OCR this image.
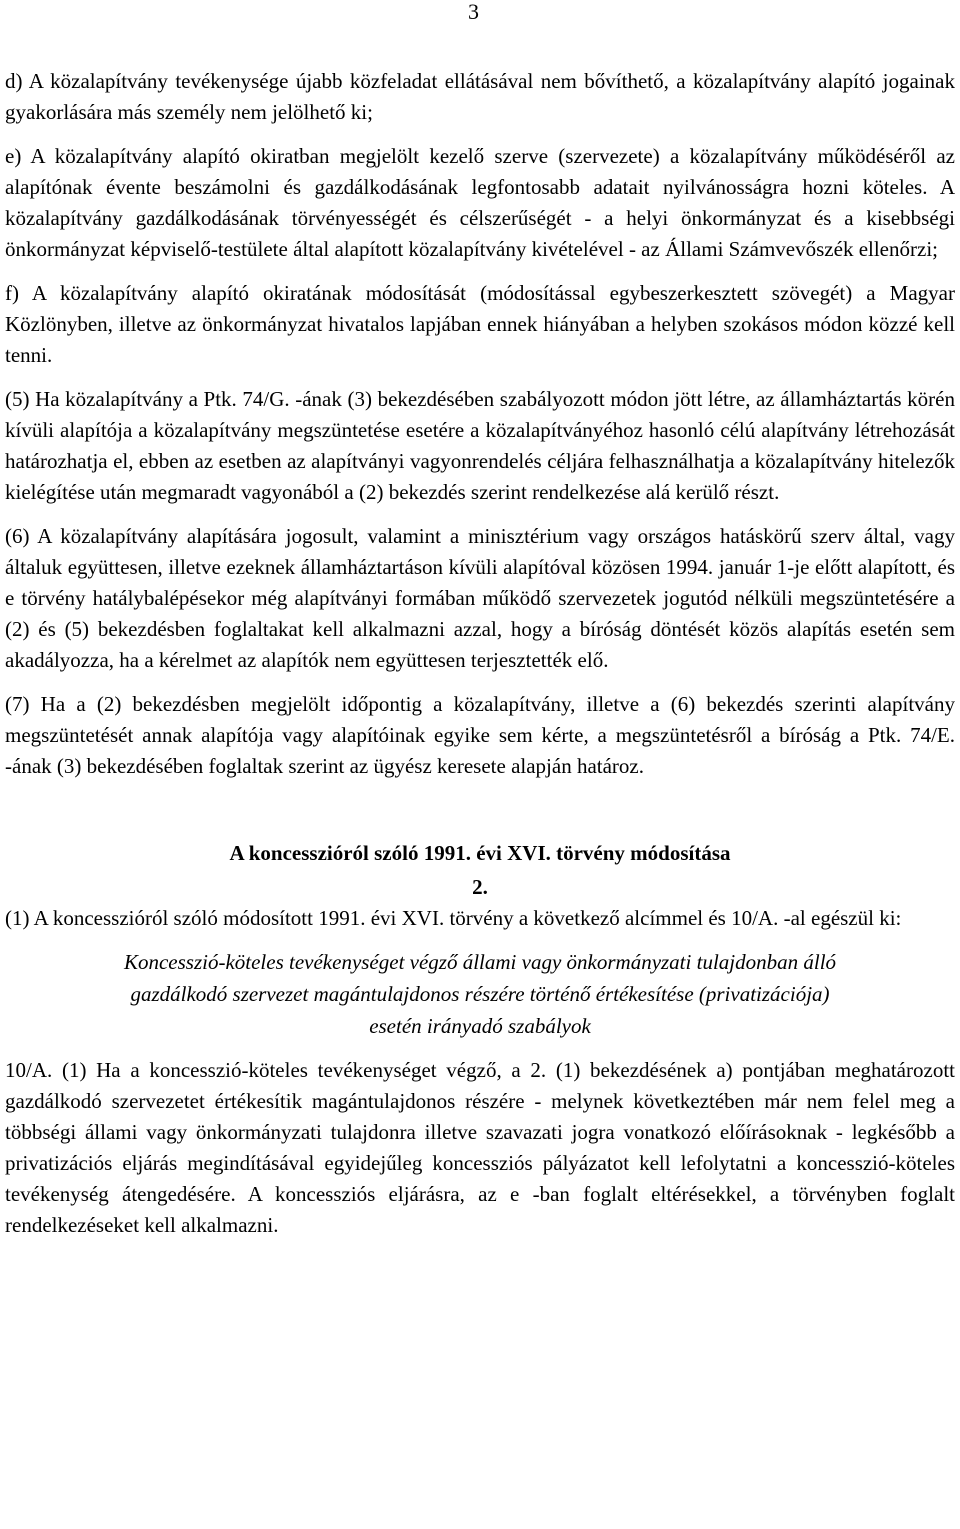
3

d) A közalapítvány tevékenysége újabb közfeladat ellátásával nem bővíthető, a közalapítvány alapító jogainak gyakorlására más személy nem jelölhető ki;

e) A közalapítvány alapító okiratban megjelölt kezelő szerve (szervezete) a közalapítvány működéséről az alapítónak évente beszámolni és gazdálkodásának legfontosabb adatait nyilvánosságra hozni köteles. A közalapítvány gazdálkodásának törvényességét és célszerűségét - a helyi önkormányzat és a kisebbségi önkormányzat képviselő-testülete által alapított közalapítvány kivételével - az Állami Számvevőszék ellenőrzi;

f) A közalapítvány alapító okiratának módosítását (módosítással egybeszerkesztett szövegét) a Magyar Közlönyben, illetve az önkormányzat hivatalos lapjában ennek hiányában a helyben szokásos módon közzé kell tenni.

(5) Ha közalapítvány a Ptk. 74/G. -ának (3) bekezdésében szabályozott módon jött létre, az államháztartás körén kívüli alapítója a közalapítvány megszüntetése esetére a közalapítványéhoz hasonló célú alapítvány létrehozását határozhatja el, ebben az esetben az alapítványi vagyonrendelés céljára felhasználhatja a közalapítvány hitelezők kielégítése után megmaradt vagyonából a (2) bekezdés szerint rendelkezése alá kerülő részt.

(6) A közalapítvány alapítására jogosult, valamint a minisztérium vagy országos hatáskörű szerv által, vagy általuk együttesen, illetve ezeknek államháztartáson kívüli alapítóval közösen 1994. január 1-je előtt alapított, és e törvény hatálybalépésekor még alapítványi formában működő szervezetek jogutód nélküli megszüntetésére a (2) és (5) bekezdésben foglaltakat kell alkalmazni azzal, hogy a bíróság döntését közös alapítás esetén sem akadályozza, ha a kérelmet az alapítók nem együttesen terjesztették elő.

(7) Ha a (2) bekezdésben megjelölt időpontig a közalapítvány, illetve a (6) bekezdés szerinti alapítvány megszüntetését annak alapítója vagy alapítóinak egyike sem kérte, a megszüntetésről a bíróság a Ptk. 74/E. -ának (3) bekezdésében foglaltak szerint az ügyész keresete alapján határoz.

A koncesszióról szóló 1991. évi XVI. törvény módosítása
2.

(1) A koncesszióról szóló módosított 1991. évi XVI. törvény a következő alcímmel és 10/A. -al egészül ki:

Koncesszió-köteles tevékenységet végző állami vagy önkormányzati tulajdonban álló
gazdálkodó szervezet magántulajdonos részére történő értékesítése (privatizációja)
esetén irányadó szabályok

10/A. (1) Ha a koncesszió-köteles tevékenységet végző, a 2. (1) bekezdésének a) pontjában meghatározott gazdálkodó szervezetet értékesítik magántulajdonos részére - melynek következtében már nem felel meg a többségi állami vagy önkormányzati tulajdonra illetve szavazati jogra vonatkozó előírásoknak - legkésőbb a privatizációs eljárás megindításával egyidejűleg koncessziós pályázatot kell lefolytatni a koncesszió-köteles tevékenység átengedésére. A koncessziós eljárásra, az e -ban foglalt eltérésekkel, a törvényben foglalt rendelkezéseket kell alkalmazni.
